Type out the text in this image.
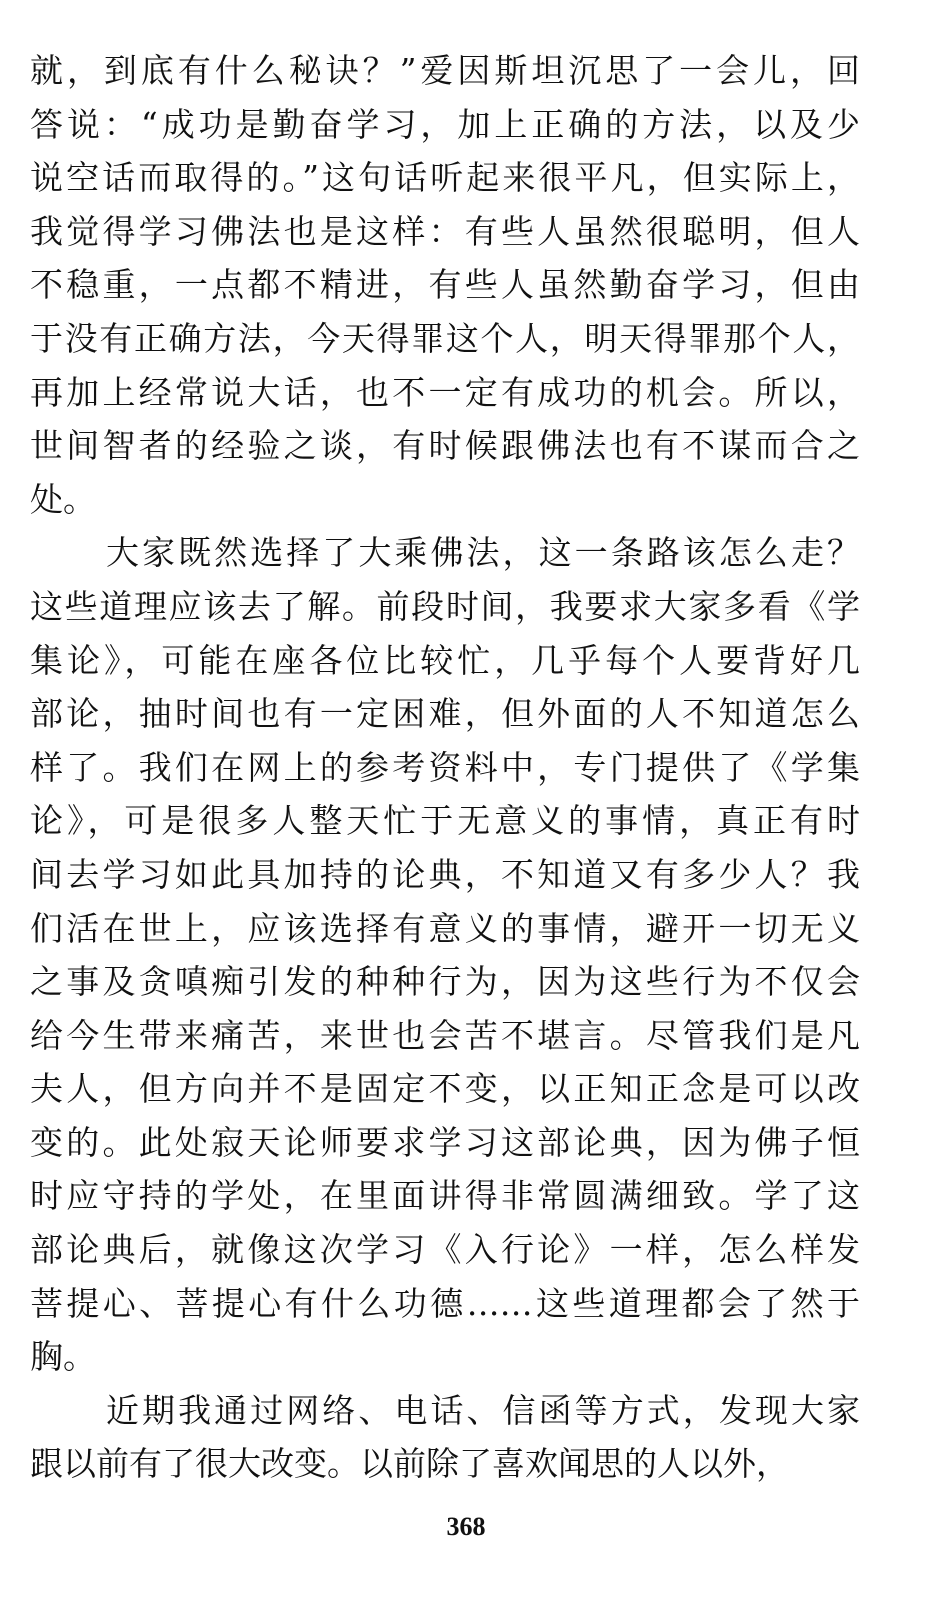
就，到底有什么秘诀？”爱因斯坦沉思了一会儿，回
答说：“成功是勤奋学习，加上正确的方法，以及少
说空话而取得的。”这句话听起来很平凡，但实际上，
我觉得学习佛法也是这样：有些人虽然很聪明，但人
不稳重，一点都不精进，有些人虽然勤奋学习，但由
于没有正确方法，今天得罪这个人，明天得罪那个人，
再加上经常说大话，也不一定有成功的机会。所以，
世间智者的经验之谈，有时候跟佛法也有不谋而合之
处。

大家既然选择了大乘佛法，这一条路该怎么走？
这些道理应该去了解。前段时间，我要求大家多看《学
集论》，可能在座各位比较忙，几乎每个人要背好几
部论，抽时间也有一定困难，但外面的人不知道怎么
样了。我们在网上的参考资料中，专门提供了《学集
论》，可是很多人整天忙于无意义的事情，真正有时
间去学习如此具加持的论典，不知道又有多少人？我
们活在世上，应该选择有意义的事情，避开一切无义
之事及贪嗔痴引发的种种行为，因为这些行为不仅会
给今生带来痛苦，来世也会苦不堪言。尽管我们是凡
夫人，但方向并不是固定不变，以正知正念是可以改
变的。此处寂天论师要求学习这部论典，因为佛子恒
时应守持的学处，在里面讲得非常圆满细致。学了这
部论典后，就像这次学习《入行论》一样，怎么样发
菩提心、菩提心有什么功德……这些道理都会了然于
胸。

近期我通过网络、电话、信函等方式，发现大家
跟以前有了很大改变。以前除了喜欢闻思的人以外，

368
